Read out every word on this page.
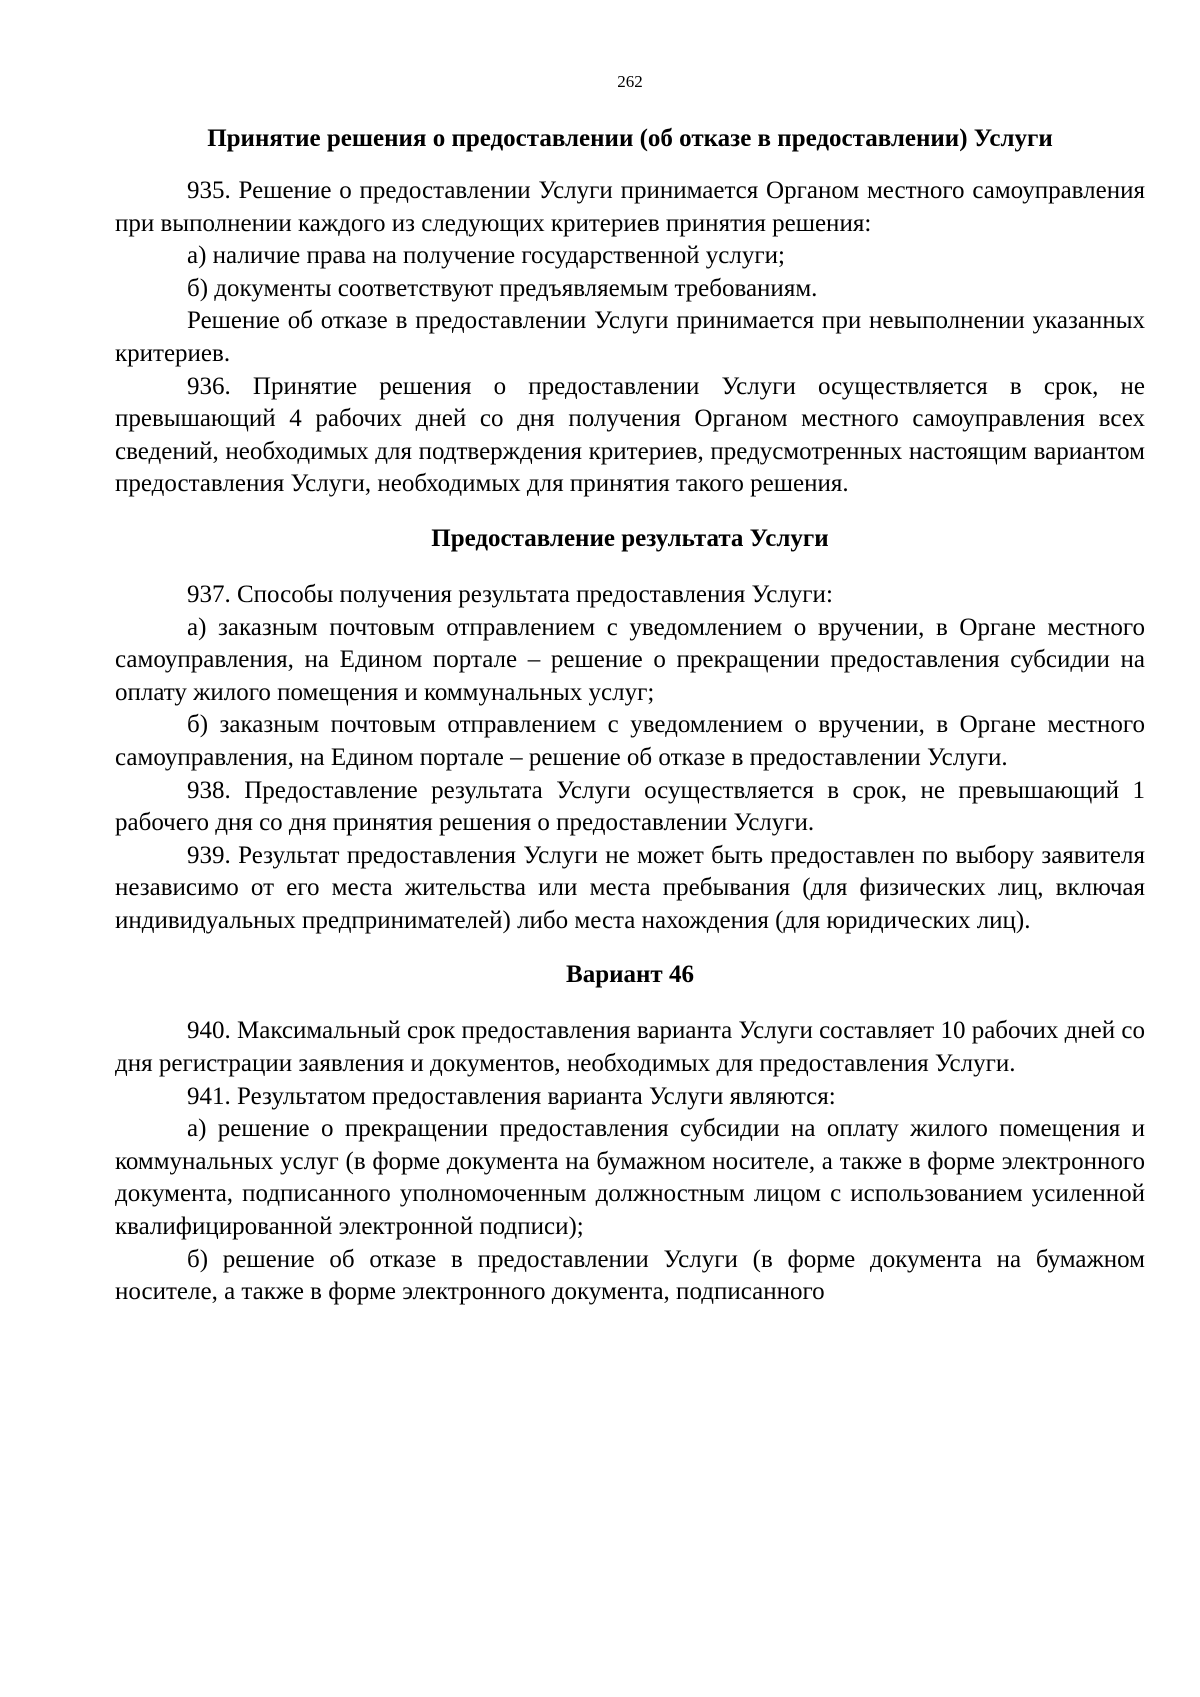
262
Принятие решения о предоставлении (об отказе в предоставлении) Услуги

935. Решение о предоставлении Услуги принимается Органом местного самоуправления при выполнении каждого из следующих критериев принятия решения:

а) наличие права на получение государственной услуги;

б) документы соответствуют предъявляемым требованиям.

Решение об отказе в предоставлении Услуги принимается при невыполнении указанных критериев.

936. Принятие решения о предоставлении Услуги осуществляется в срок, не превышающий 4 рабочих дней со дня получения Органом местного самоуправления всех сведений, необходимых для подтверждения критериев, предусмотренных настоящим вариантом предоставления Услуги, необходимых для принятия такого решения.

Предоставление результата Услуги

937. Способы получения результата предоставления Услуги:

а) заказным почтовым отправлением с уведомлением о вручении, в Органе местного самоуправления, на Едином портале – решение о прекращении предоставления субсидии на оплату жилого помещения и коммунальных услуг;

б) заказным почтовым отправлением с уведомлением о вручении, в Органе местного самоуправления, на Едином портале – решение об отказе в предоставлении Услуги.

938. Предоставление результата Услуги осуществляется в срок, не превышающий 1 рабочего дня со дня принятия решения о предоставлении Услуги.

939. Результат предоставления Услуги не может быть предоставлен по выбору заявителя независимо от его места жительства или места пребывания (для физических лиц, включая индивидуальных предпринимателей) либо места нахождения (для юридических лиц).

Вариант 46

940. Максимальный срок предоставления варианта Услуги составляет 10 рабочих дней со дня регистрации заявления и документов, необходимых для предоставления Услуги.

941. Результатом предоставления варианта Услуги являются:

а) решение о прекращении предоставления субсидии на оплату жилого помещения и коммунальных услуг (в форме документа на бумажном носителе, а также в форме электронного документа, подписанного уполномоченным должностным лицом с использованием усиленной квалифицированной электронной подписи);

б) решение об отказе в предоставлении Услуги (в форме документа на бумажном носителе, а также в форме электронного документа, подписанного
